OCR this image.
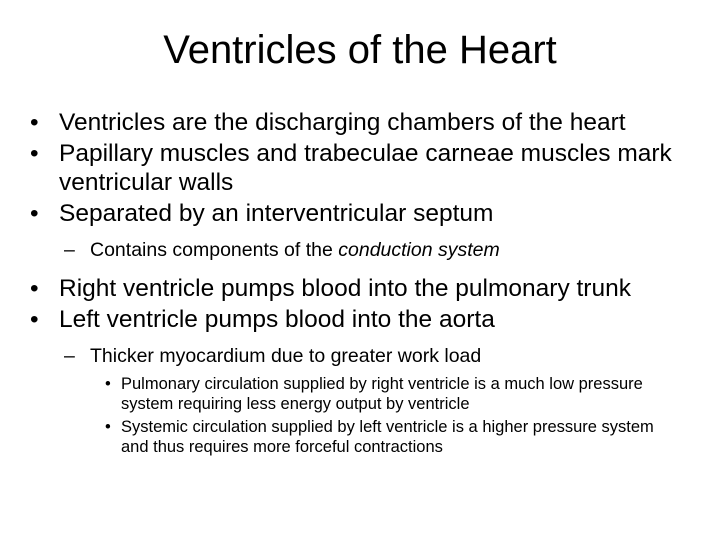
Ventricles of the Heart
• Ventricles are the discharging chambers of the heart
• Papillary muscles and trabeculae carneae muscles mark ventricular walls
• Separated by an interventricular septum
– Contains components of the conduction system
• Right ventricle pumps blood into the pulmonary trunk
• Left ventricle pumps blood into the aorta
– Thicker myocardium due to greater work load
• Pulmonary circulation supplied by right ventricle is a much low pressure system requiring less energy output by ventricle
• Systemic circulation supplied by left ventricle is a higher pressure system and thus requires more forceful contractions
